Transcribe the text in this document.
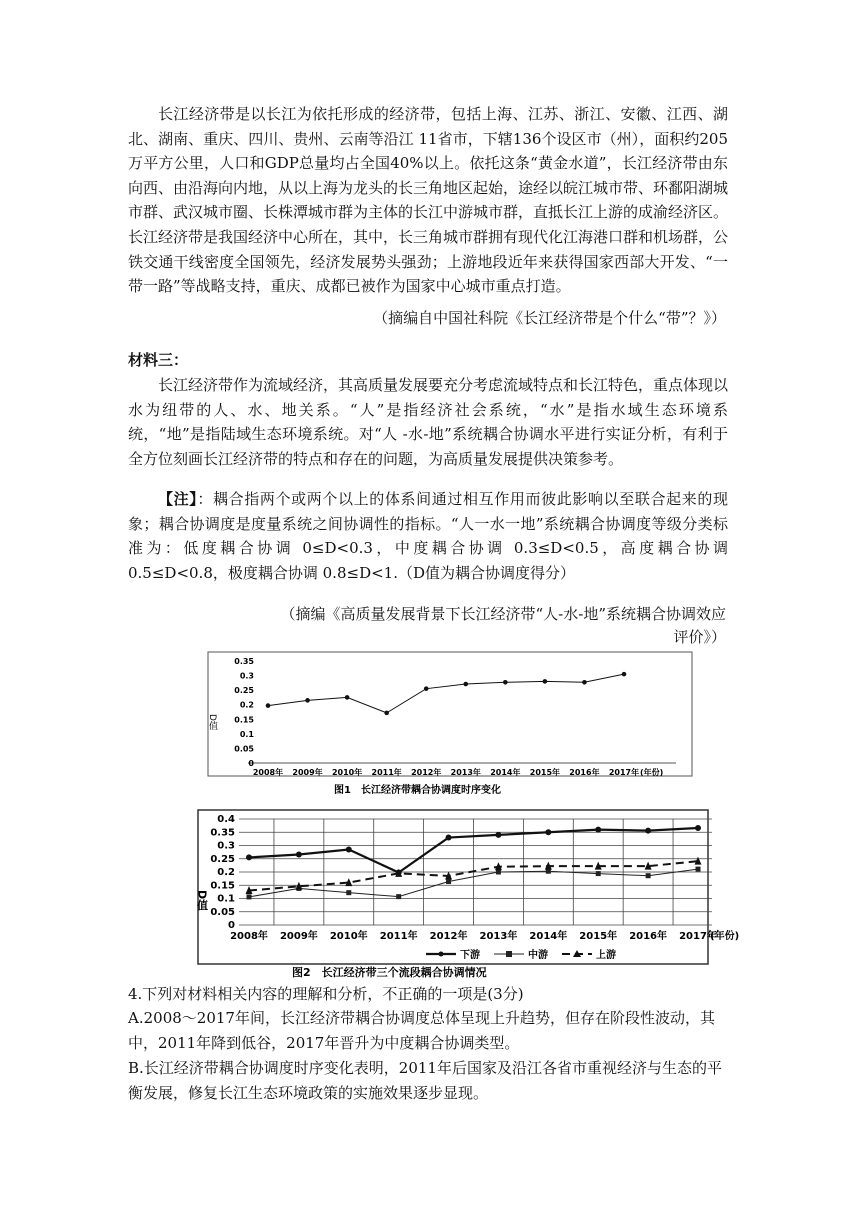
长江经济带是以长江为依托形成的经济带，包括上海、江苏、浙江、安徽、江西、湖北、湖南、重庆、四川、贵州、云南等沿江 11省市，下辖136个设区市（州），面积约205万平方公里，人口和GDP总量均占全国40%以上。依托这条“黄金水道”，长江经济带由东向西、由沿海向内地，从以上海为龙头的长三角地区起始，途经以皖江城市带、环鄱阳湖城市群、武汉城市圈、长株潭城市群为主体的长江中游城市群，直抵长江上游的成渝经济区。长江经济带是我国经济中心所在，其中，长三角城市群拥有现代化江海港口群和机场群，公铁交通干线密度全国领先，经济发展势头强劲；上游地段近年来获得国家西部大开发、“一带一路”等战略支持，重庆、成都已被作为国家中心城市重点打造。
（摘编自中国社科院《长江经济带是个什么“带”？》）
材料三：
长江经济带作为流域经济，其高质量发展要充分考虑流域特点和长江特色，重点体现以水为纽带的人、水、地关系。“人”是指经济社会系统，“水”是指水域生态环境系统，“地”是指陆域生态环境系统。对“人 -水-地”系统耦合协调水平进行实证分析，有利于全方位刻画长江经济带的特点和存在的问题，为高质量发展提供决策参考。
【注】：耦合指两个或两个以上的体系间通过相互作用而彼此影响以至联合起来的现象；耦合协调度是度量系统之间协调性的指标。“人一水一地”系统耦合协调度等级分类标准为：低度耦合协调 0≤D<0.3，中度耦合协调 0.3≤D<0.5，高度耦合协调 0.5≤D<0.8，极度耦合协调 0.8≤D<1.（D值为耦合协调度得分）
（摘编《高质量发展背景下长江经济带“人-水-地”系统耦合协调效应
评价》）
D值
0
0.05
0.1
0.15
0.2
0.25
0.3
0.35
2008年 2009年 2010年 2011年 2012年 2013年 2014年 2015年 2016年 2017年 (年份)
图1　长江经济带耦合协调度时序变化
D值
0
0.05
0.1
0.15
0.2
0.25
0.3
0.35
0.4
2008年 2009年 2010年 2011年 2012年 2013年 2014年 2015年 2016年 2017年
(年份)
下游	中游	上游
图2　长江经济带三个流段耦合协调情况
4.下列对材料相关内容的理解和分析，不正确的一项是(3分)
A.2008～2017年间，长江经济带耦合协调度总体呈现上升趋势，但存在阶段性波动，其中，2011年降到低谷，2017年晋升为中度耦合协调类型。
B.长江经济带耦合协调度时序变化表明，2011年后国家及沿江各省市重视经济与生态的平衡发展，修复长江生态环境政策的实施效果逐步显现。
